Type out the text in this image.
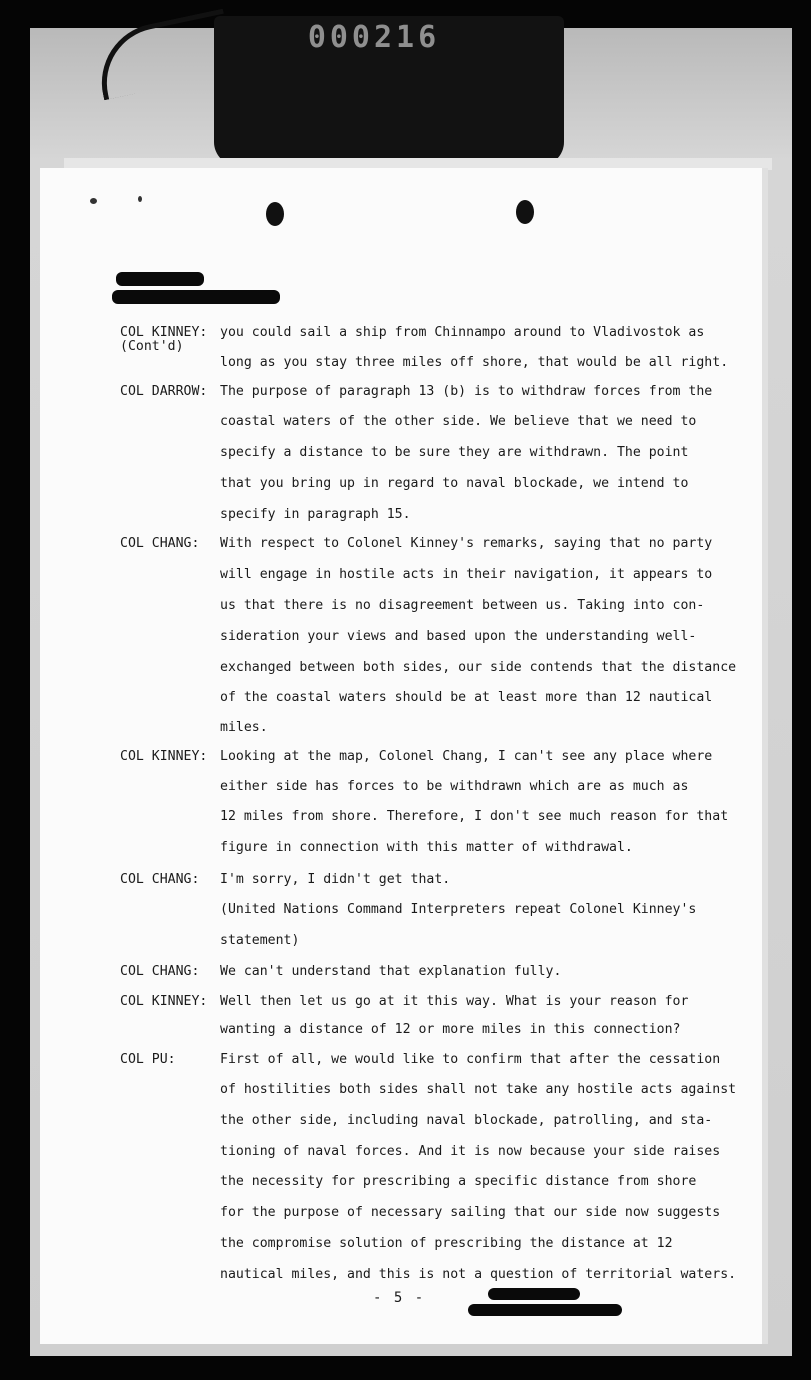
000216
COL KINNEY:
(Cont'd)
you could sail a ship from Chinnampo around to Vladivostok as
long as you stay three miles off shore, that would be all right.
COL DARROW: The purpose of paragraph 13 (b) is to withdraw forces from the
coastal waters of the other side. We believe that we need to
specify a distance to be sure they are withdrawn. The point
that you bring up in regard to naval blockade, we intend to
specify in paragraph 15.
COL CHANG: With respect to Colonel Kinney's remarks, saying that no party
will engage in hostile acts in their navigation, it appears to
us that there is no disagreement between us. Taking into con-
sideration your views and based upon the understanding well-
exchanged between both sides, our side contends that the distance
of the coastal waters should be at least more than 12 nautical
miles.
COL KINNEY: Looking at the map, Colonel Chang, I can't see any place where
either side has forces to be withdrawn which are as much as
12 miles from shore. Therefore, I don't see much reason for that
figure in connection with this matter of withdrawal.
COL CHANG: I'm sorry, I didn't get that.
(United Nations Command Interpreters repeat Colonel Kinney's
statement)
COL CHANG: We can't understand that explanation fully.
COL KINNEY: Well then let us go at it this way. What is your reason for
wanting a distance of 12 or more miles in this connection?
COL PU:	First of all, we would like to confirm that after the cessation
of hostilities both sides shall not take any hostile acts against
the other side, including naval blockade, patrolling, and sta-
tioning of naval forces. And it is now because your side raises
the necessity for prescribing a specific distance from shore
for the purpose of necessary sailing that our side now suggests
the compromise solution of prescribing the distance at 12
nautical miles, and this is not a question of territorial waters.
- 5 -
